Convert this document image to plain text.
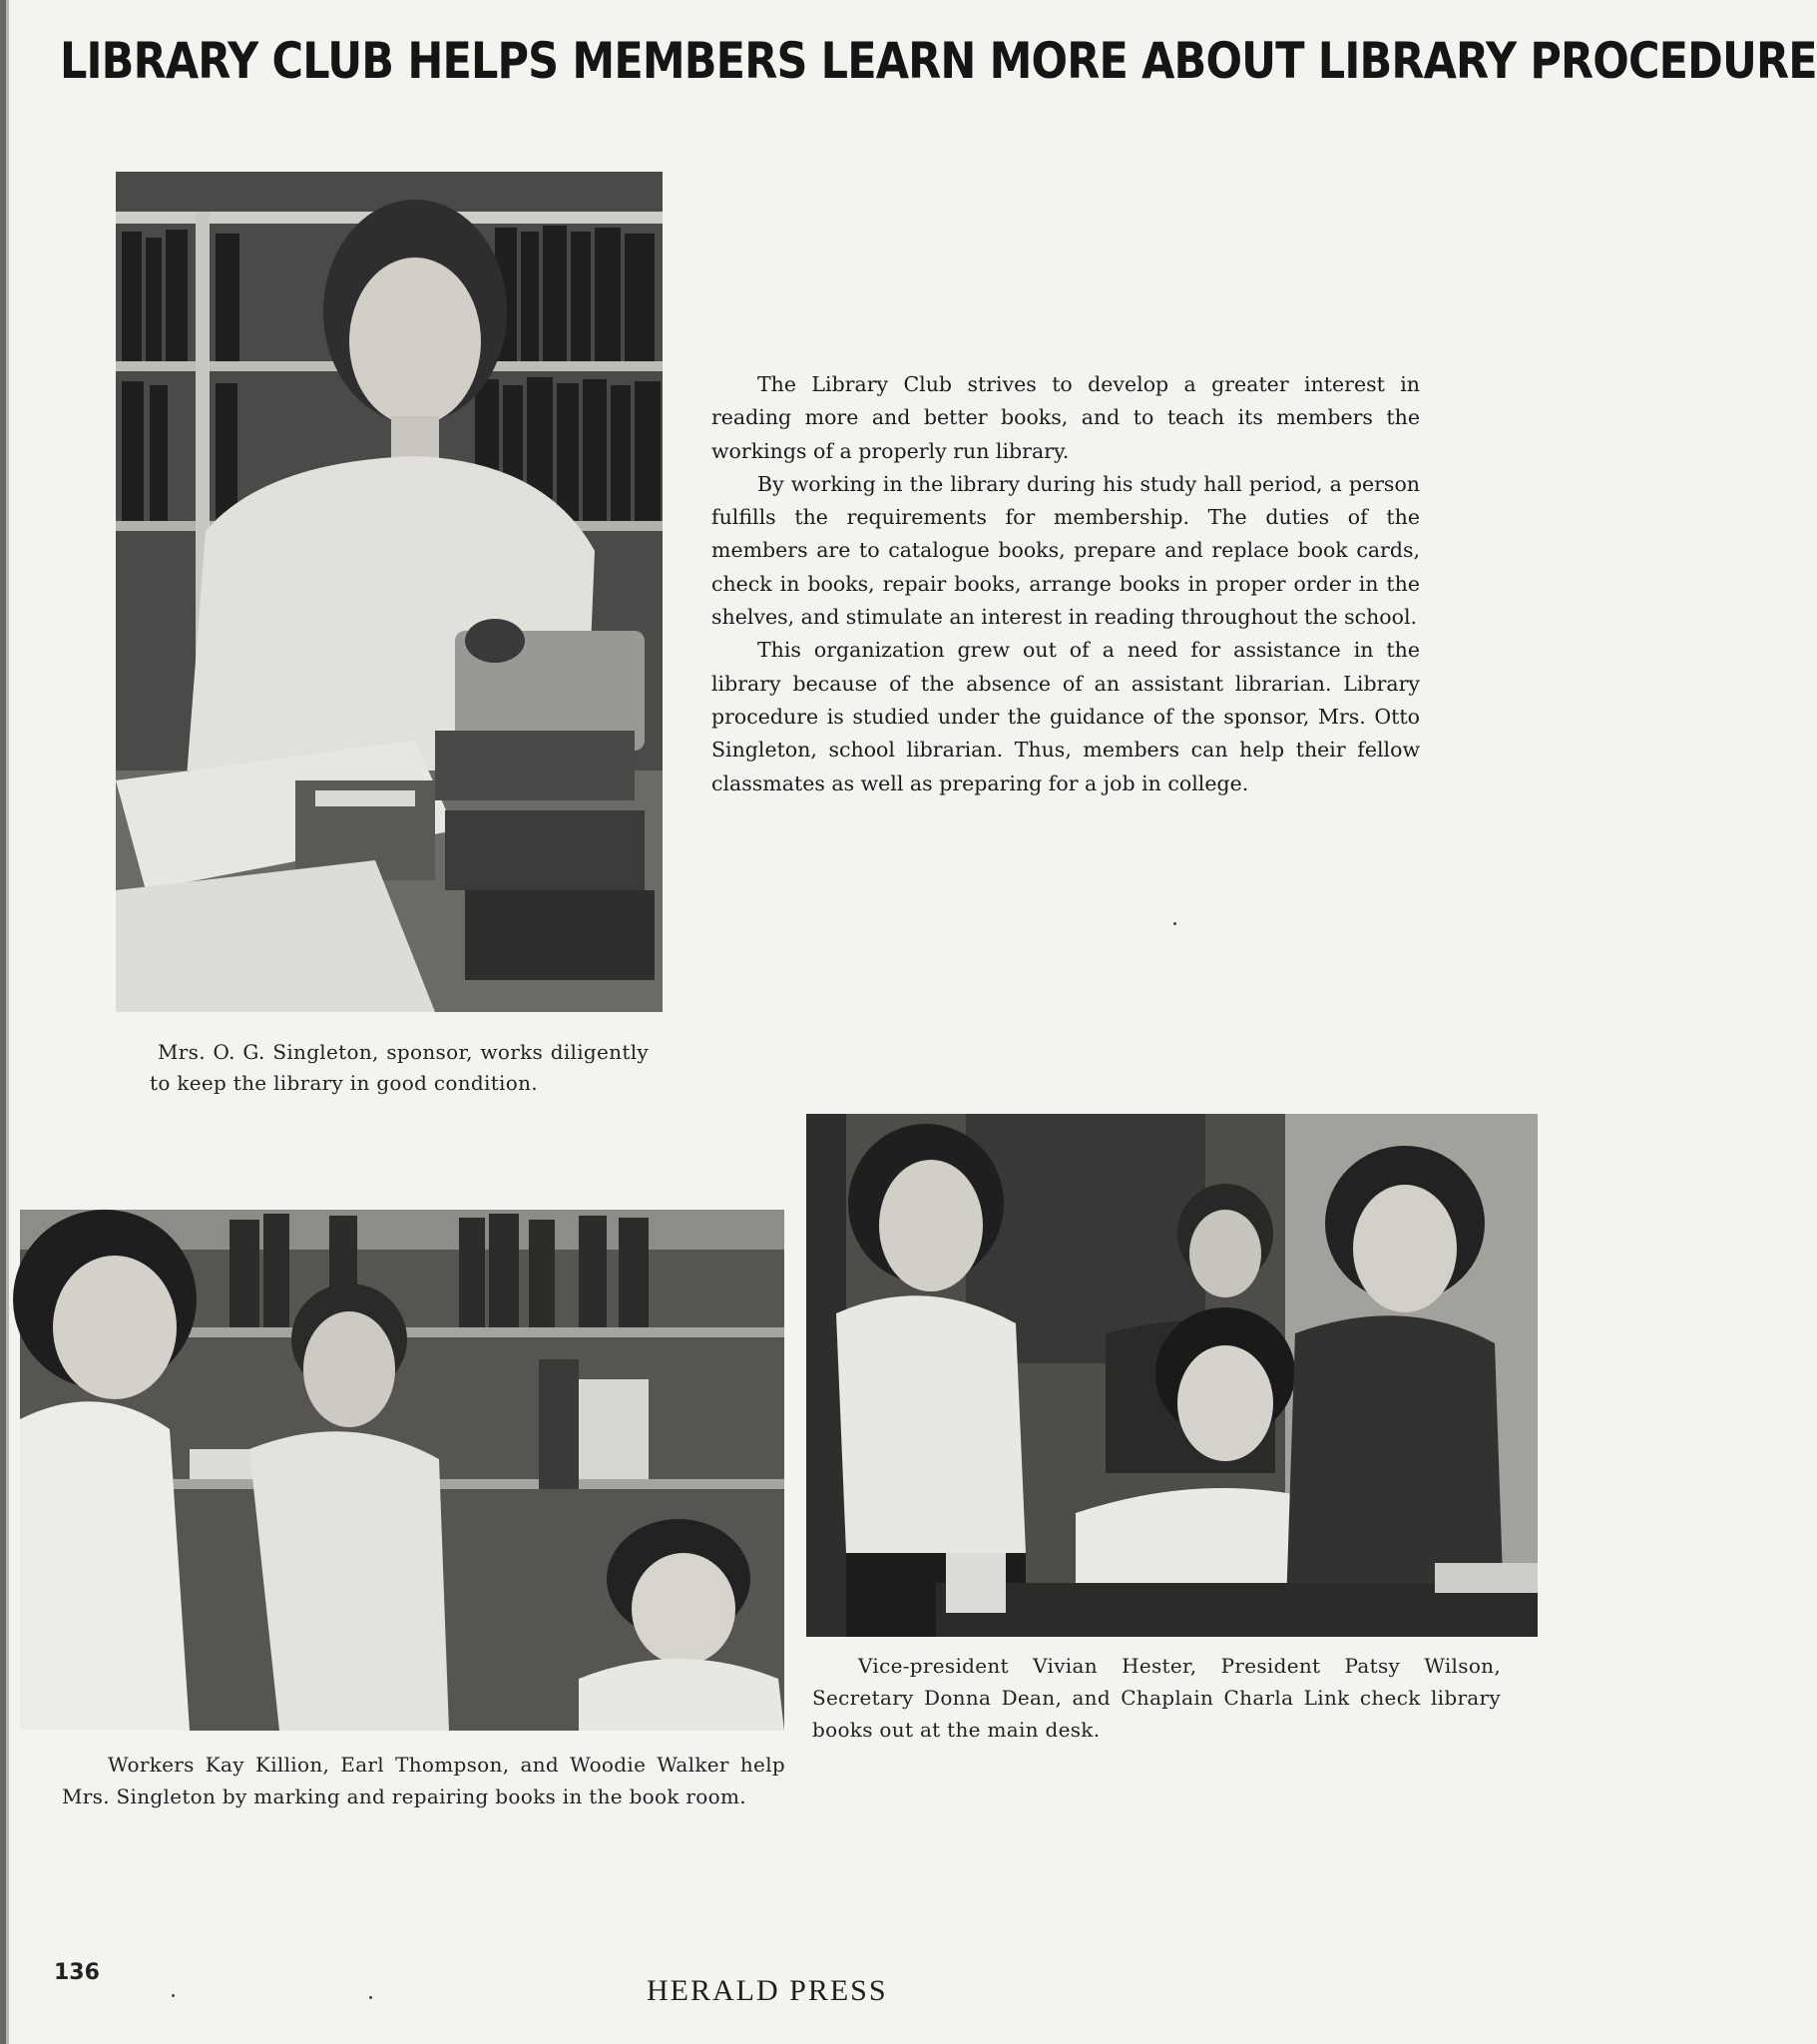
LIBRARY CLUB HELPS MEMBERS LEARN MORE ABOUT LIBRARY PROCEDURE
Mrs. O. G. Singleton, sponsor, works diligently to keep the library in good condition.

The Library Club strives to develop a greater interest in reading more and better books, and to teach its members the workings of a properly run library.

By working in the library during his study hall period, a person fulfills the requirements for membership. The duties of the members are to catalogue books, prepare and replace book cards, check in books, repair books, arrange books in proper order in the shelves, and stimulate an interest in reading throughout the school.

This organization grew out of a need for assistance in the library because of the absence of an assistant librarian. Library procedure is studied under the guidance of the sponsor, Mrs. Otto Singleton, school librarian. Thus, members can help their fellow classmates as well as preparing for a job in college.

Workers Kay Killion, Earl Thompson, and Woodie Walker help Mrs. Singleton by marking and repairing books in the book room.
Vice-president Vivian Hester, President Patsy Wilson, Secretary Donna Dean, and Chaplain Charla Link check library books out at the main desk.
136
HERALD PRESS
